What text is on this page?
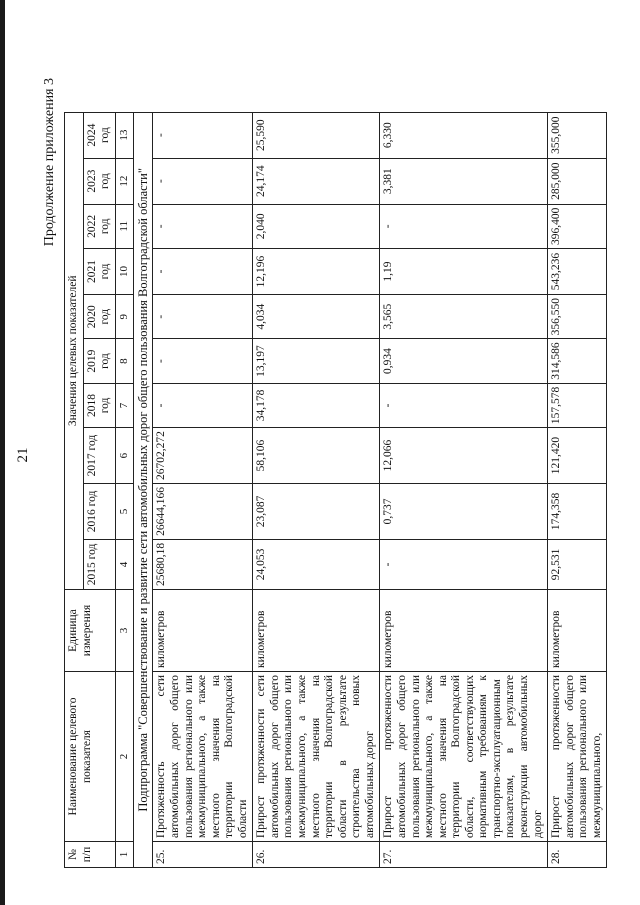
21
Продолжение приложения 3
№ п/п	Наименование целевого показателя	Единица измерения	Значения целевых показателей									
			2015 год	2016 год	2017 год	2018 год	2019 год	2020 год	2021 год	2022 год	2023 год	2024 год
1	2	3	4	5	6	7	8	9	10	11	12	13
Подпрограмма "Совершенствование и развитие сети автомобильных дорог общего пользования Волгоградской области"												
25.	Протяженность сети автомобильных дорог общего пользования регионального или межмуниципального, а также местного значения на территории Волгоградской области	километров	25680,18	26644,166	26702,272	-	-	-	-	-	-	-
26.	Прирост протяженности сети автомобильных дорог общего пользования регионального или межмуниципального, а также местного значения на территории Волгоградской области в результате строительства новых автомобильных дорог	километров	24,053	23,087	58,106	34,178	13,197	4,034	12,196	2,040	24,174	25,590
27.	Прирост протяженности автомобильных дорог общего пользования регионального или межмуниципального, а также местного значения на территории Волгоградской области, соответствующих нормативным требованиям к транспортно-эксплуатационным показателям, в результате реконструкции автомобильных дорог	километров	-	0,737	12,066	-	0,934	3,565	1,19	-	3,381	6,330
28.	Прирост протяженности автомобильных дорог общего пользования регионального или межмуниципального,	километров	92,531	174,358	121,420	157,578	314,586	356,550	543,236	396,400	285,000	355,000
